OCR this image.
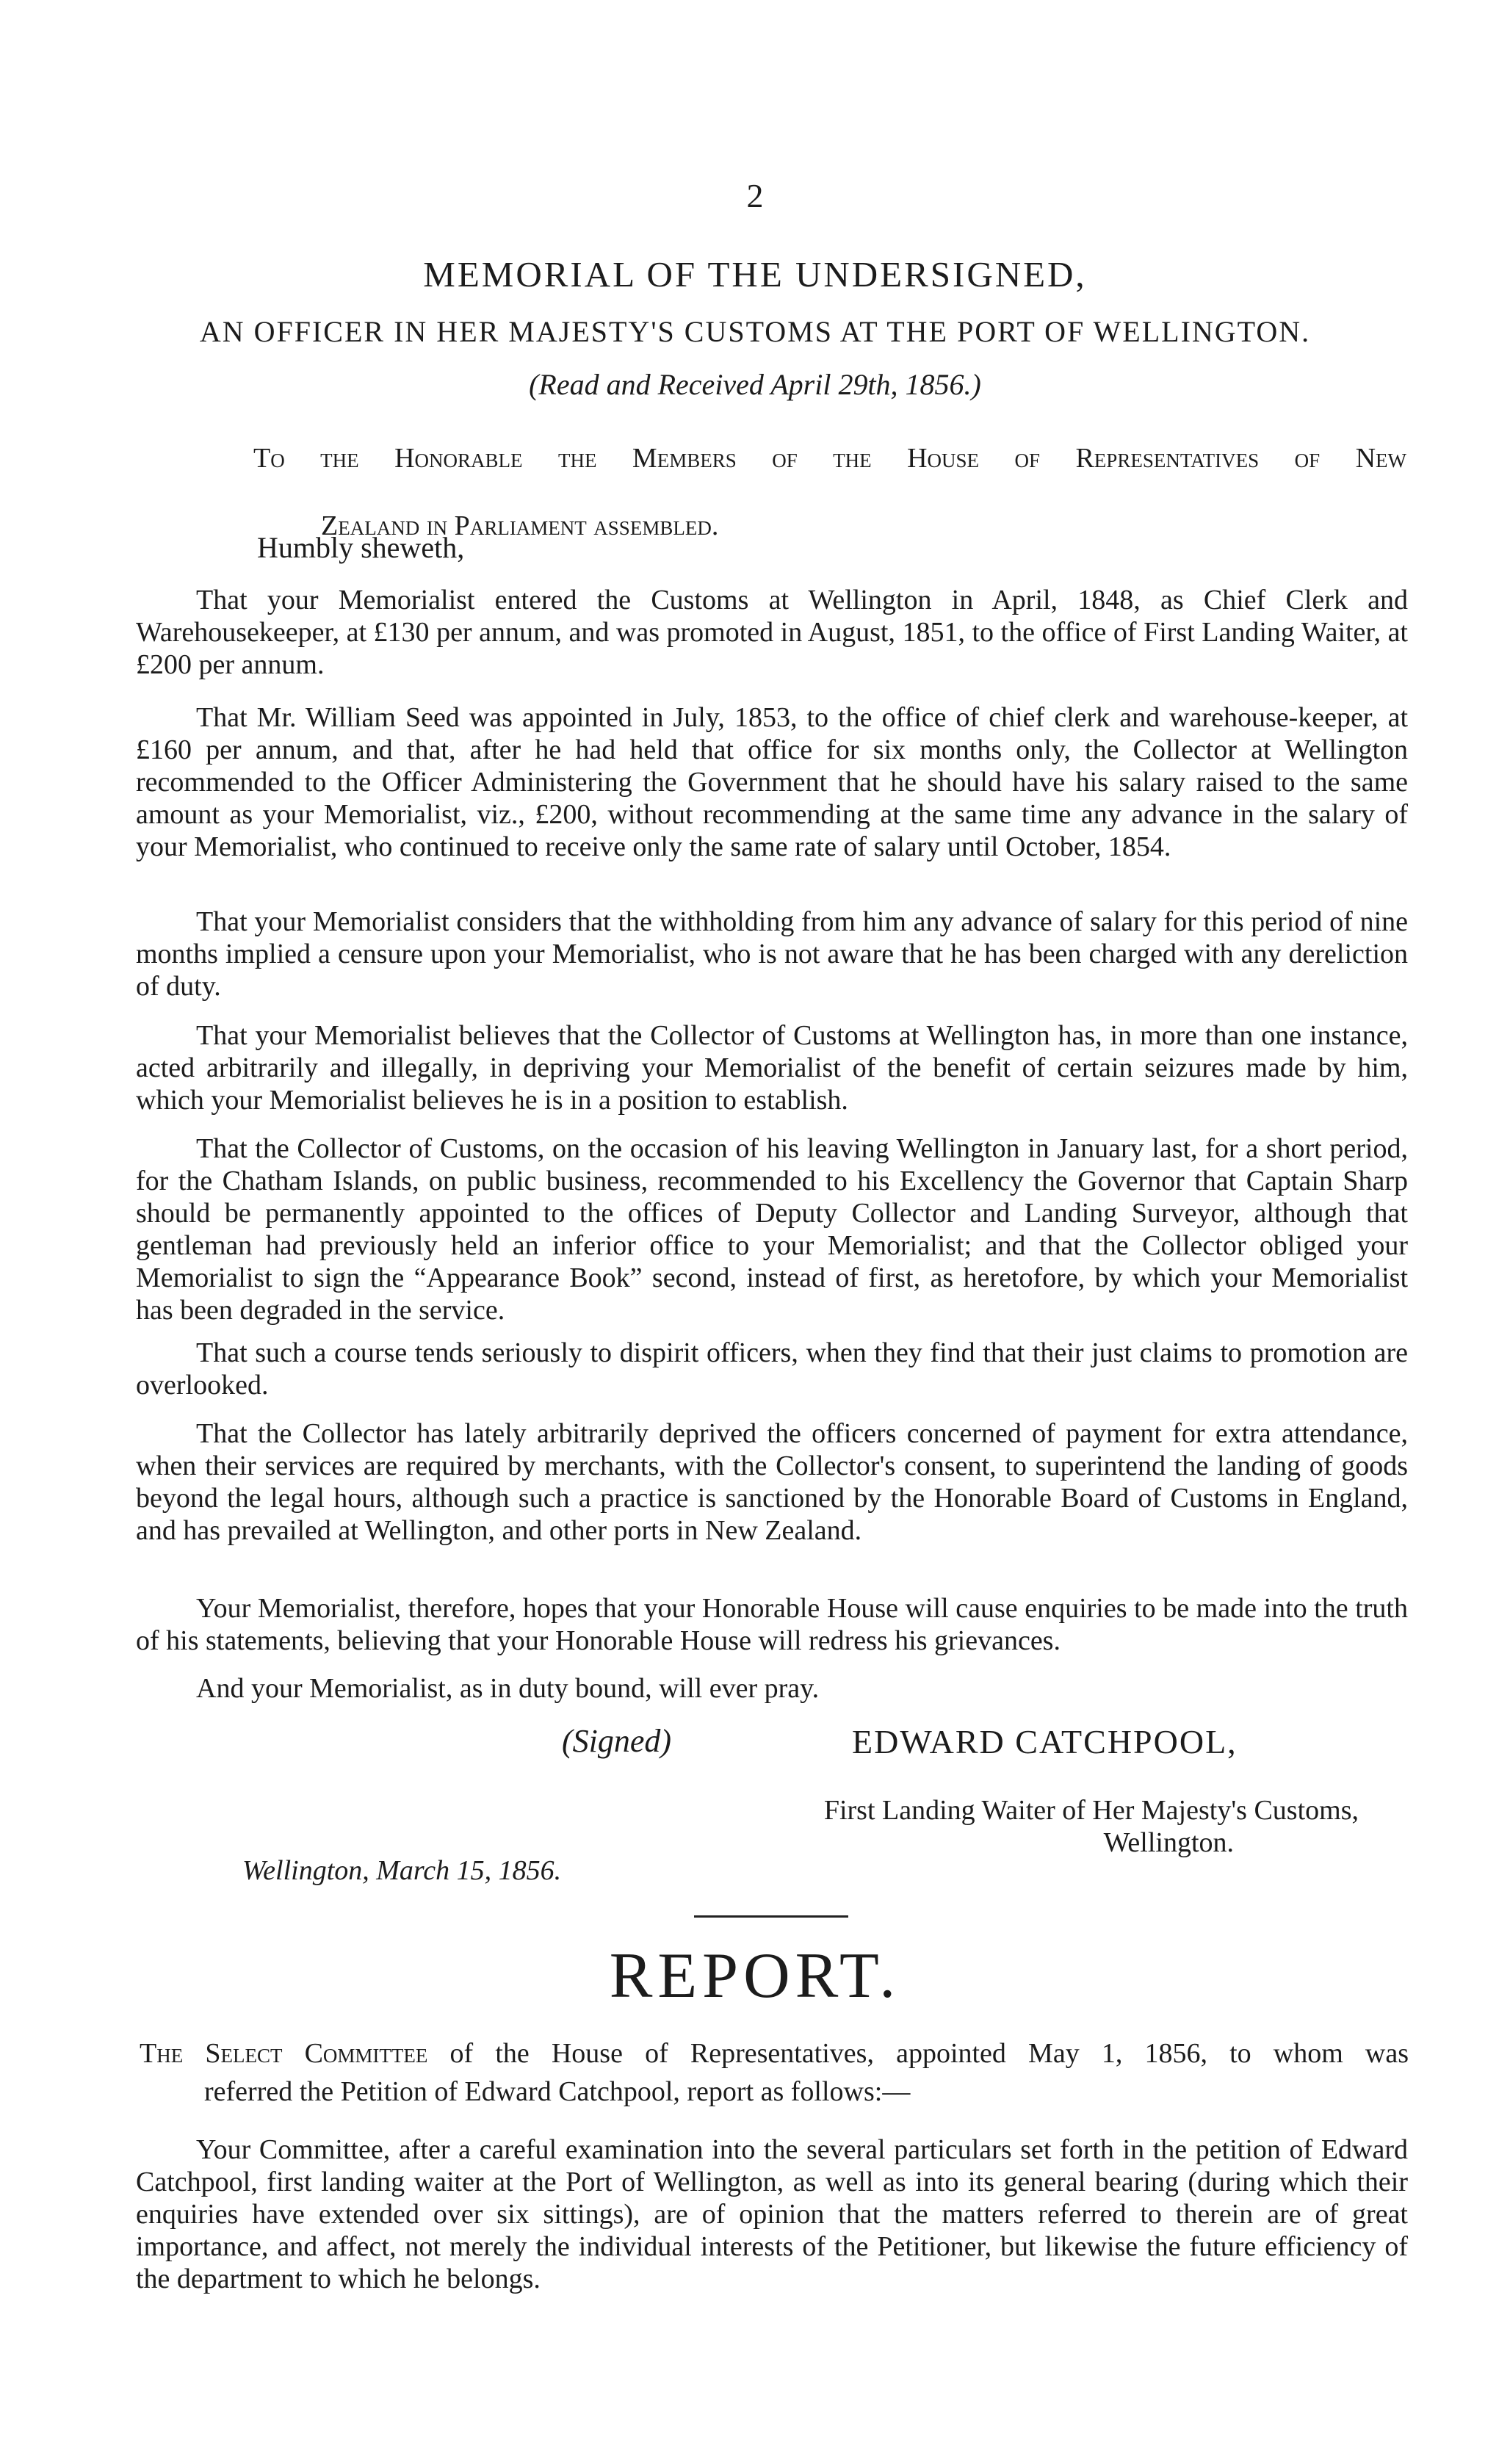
2
MEMORIAL OF THE UNDERSIGNED,
AN OFFICER IN HER MAJESTY'S CUSTOMS AT THE PORT OF WELLINGTON.
(Read and Received April 29th, 1856.)
To the Honorable the Members of the House of Representatives of New
Zealand in Parliament assembled.
Humbly sheweth,

That your Memorialist entered the Customs at Wellington in April, 1848, as Chief Clerk and Warehousekeeper, at £130 per annum, and was promoted in August, 1851, to the office of First Landing Waiter, at £200 per annum.

That Mr. William Seed was appointed in July, 1853, to the office of chief clerk and warehouse-keeper, at £160 per annum, and that, after he had held that office for six months only, the Collector at Wellington recommended to the Officer Administering the Government that he should have his salary raised to the same amount as your Memorialist, viz., £200, without recommending at the same time any advance in the salary of your Memorialist, who continued to receive only the same rate of salary until October, 1854.

That your Memorialist considers that the withholding from him any advance of salary for this period of nine months implied a censure upon your Memorialist, who is not aware that he has been charged with any dereliction of duty.

That your Memorialist believes that the Collector of Customs at Wellington has, in more than one instance, acted arbitrarily and illegally, in depriving your Memorialist of the benefit of certain seizures made by him, which your Memorialist believes he is in a position to establish.

That the Collector of Customs, on the occasion of his leaving Wellington in January last, for a short period, for the Chatham Islands, on public business, recommended to his Excellency the Governor that Captain Sharp should be permanently appointed to the offices of Deputy Collector and Landing Surveyor, although that gentleman had previously held an inferior office to your Memorialist; and that the Collector obliged your Memorialist to sign the “Appearance Book” second, instead of first, as heretofore, by which your Memorialist has been degraded in the service.

That such a course tends seriously to dispirit officers, when they find that their just claims to promotion are overlooked.

That the Collector has lately arbitrarily deprived the officers concerned of payment for extra attendance, when their services are required by merchants, with the Collector's consent, to superintend the landing of goods beyond the legal hours, although such a practice is sanctioned by the Honorable Board of Customs in England, and has prevailed at Wellington, and other ports in New Zealand.

Your Memorialist, therefore, hopes that your Honorable House will cause enquiries to be made into the truth of his statements, believing that your Honorable House will redress his grievances.

And your Memorialist, as in duty bound, will ever pray.

(Signed)	EDWARD CATCHPOOL,
First Landing Waiter of Her Majesty's Customs,
Wellington.
Wellington, March 15, 1856.
REPORT.
The Select Committee of the House of Representatives, appointed May 1, 1856, to whom was
referred the Petition of Edward Catchpool, report as follows:—

Your Committee, after a careful examination into the several particulars set forth in the petition of Edward Catchpool, first landing waiter at the Port of Wellington, as well as into its general bearing (during which their enquiries have extended over six sittings), are of opinion that the matters referred to therein are of great importance, and affect, not merely the individual interests of the Petitioner, but likewise the future efficiency of the department to which he belongs.
